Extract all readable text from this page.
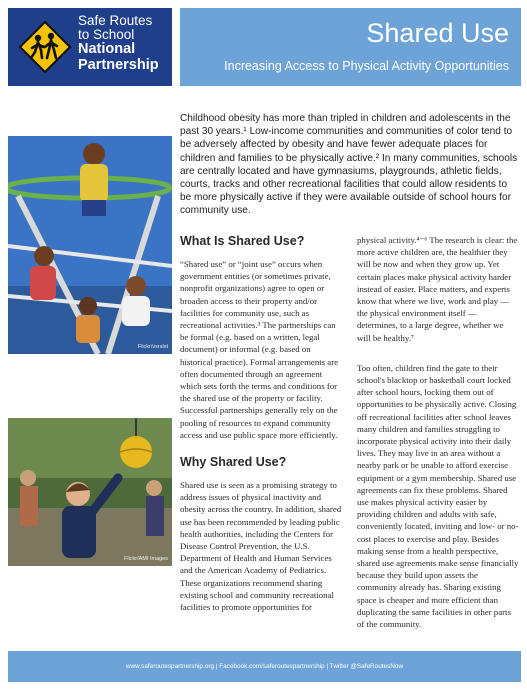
Safe Routes
to School
National
Partnership
Shared Use
Increasing Access to Physical Activity Opportunities
Flickr/vsrslst
Flickr/AMI Images

Childhood obesity has more than tripled in children and adolescents in the past 30 years.¹ Low-income communities and communities of color tend to be adversely affected by obesity and have fewer adequate places for children and families to be physically active.² In many communities, schools are centrally located and have gymnasiums, playgrounds, athletic fields, courts, tracks and other recreational facilities that could allow residents to be more physically active if they were available outside of school hours for community use.

What Is Shared Use?

“Shared use” or “joint use” occurs when government entities (or sometimes private, nonprofit organizations) agree to open or broaden access to their property and/or facilities for community use, such as recreational activities.³ The partnerships can be formal (e.g. based on a written, legal document) or informal (e.g. based on historical practice). Formal arrangements are often documented through an agreement which sets forth the terms and conditions for the shared use of the property or facility. Successful partnerships generally rely on the pooling of resources to expand community access and use public space more efficiently.

Why Shared Use?

Shared use is seen as a promising strategy to address issues of physical inactivity and obesity across the country. In addition, shared use has been recommended by leading public health authorities, including the Centers for Disease Control Prevention, the U.S. Department of Health and Human Services and the American Academy of Pediatrics. These organizations recommend sharing existing school and community recreational facilities to promote opportunities for

physical activity.⁴⁻⁶ The research is clear: the more active children are, the healthier they will be now and when they grow up. Yet certain places make physical activity harder instead of easier. Place matters, and experts know that where we live, work and play — the physical environment itself — determines, to a large degree, whether we will be healthy.⁷

Too often, children find the gate to their school's blacktop or basketball court locked after school hours, locking them out of opportunities to be physically active. Closing off recreational facilities after school leaves many children and families struggling to incorporate physical activity into their daily lives. They may live in an area without a nearby park or be unable to afford exercise equipment or a gym membership. Shared use agreements can fix these problems. Shared use makes physical activity easier by providing children and adults with safe, conveniently located, inviting and low- or no-cost places to exercise and play. Besides making sense from a health perspective, shared use agreements make sense financially because they build upon assets the community already has. Sharing existing space is cheaper and more efficient than duplicating the same facilities in other parts of the community.

www.saferoutespartnership.org | Facebook.com/saferoutespartnership | Twitter @SafeRoutesNow
